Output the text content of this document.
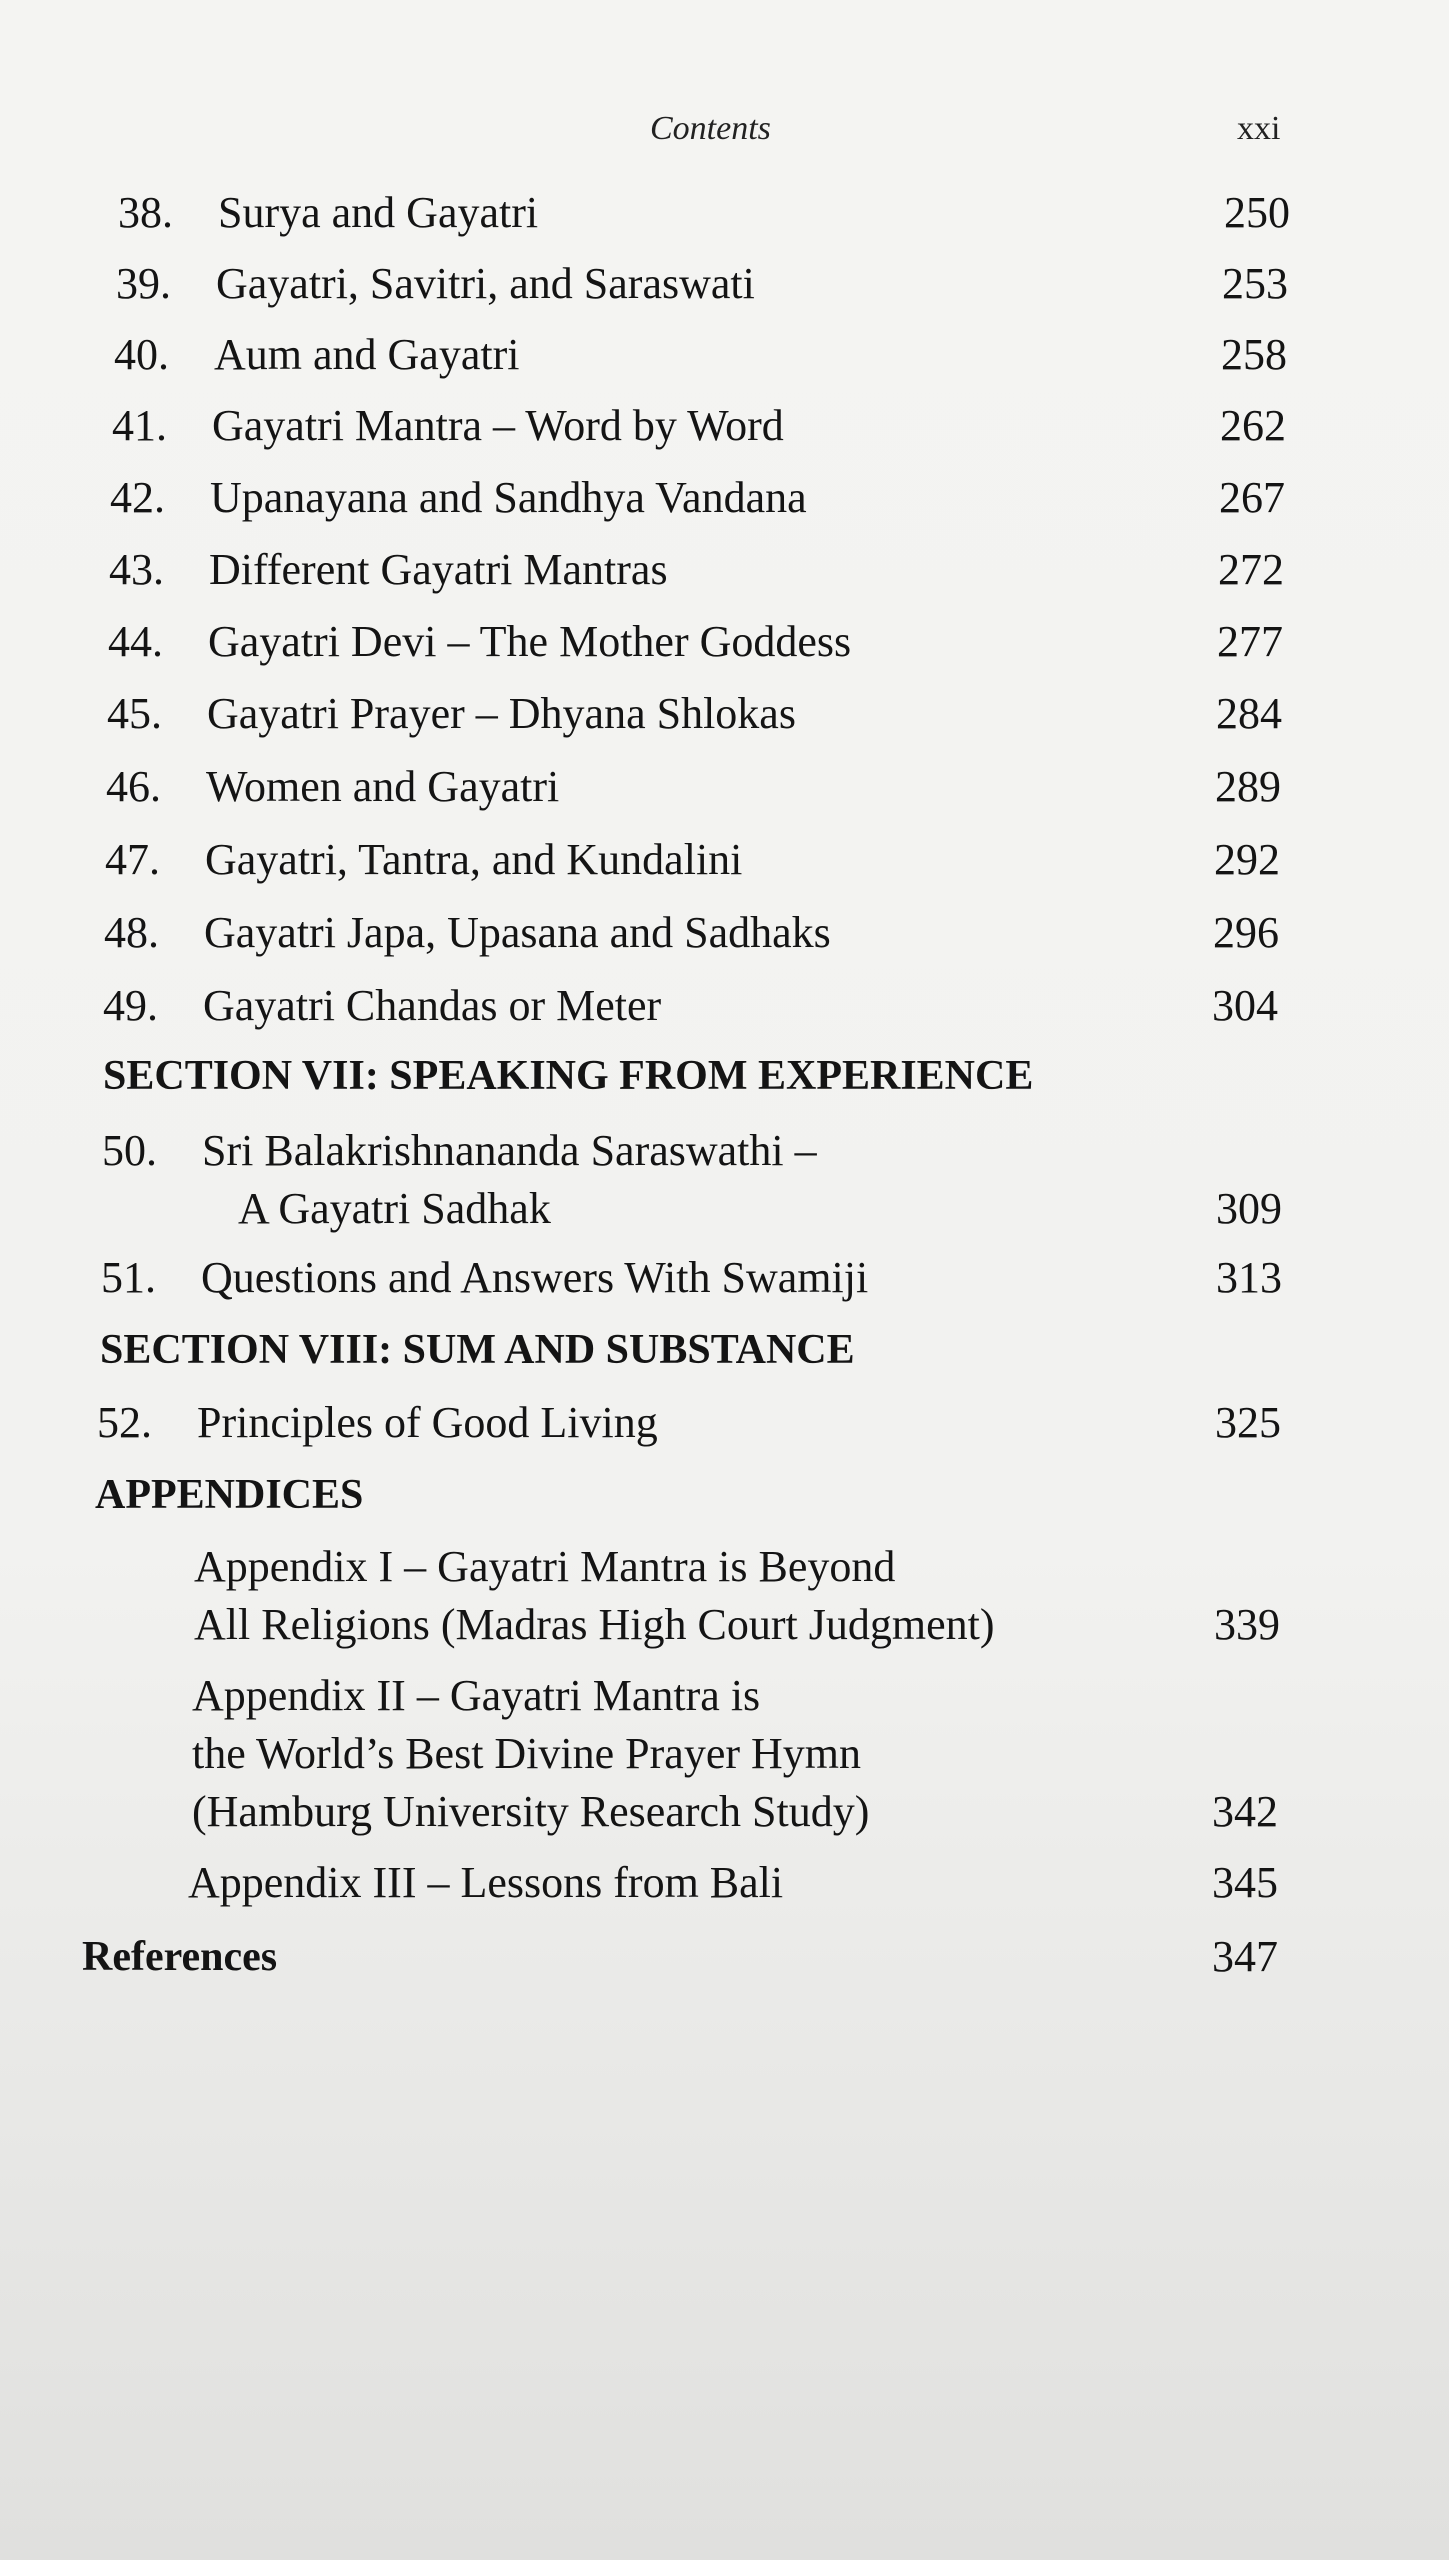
Contents	xxi
38. Surya and Gayatri	250
39. Gayatri, Savitri, and Saraswati	253
40. Aum and Gayatri	258
41. Gayatri Mantra – Word by Word	262
42. Upanayana and Sandhya Vandana	267
43. Different Gayatri Mantras	272
44. Gayatri Devi – The Mother Goddess	277
45. Gayatri Prayer – Dhyana Shlokas	284
46. Women and Gayatri	289
47. Gayatri, Tantra, and Kundalini	292
48. Gayatri Japa, Upasana and Sadhaks	296
49. Gayatri Chandas or Meter	304
SECTION VII: SPEAKING FROM EXPERIENCE
50. Sri Balakrishnananda Saraswathi –
A Gayatri Sadhak	309
51. Questions and Answers With Swamiji	313
SECTION VIII: SUM AND SUBSTANCE
52. Principles of Good Living	325
APPENDICES
Appendix I – Gayatri Mantra is Beyond
All Religions (Madras High Court Judgment)	339
Appendix II – Gayatri Mantra is
the World’s Best Divine Prayer Hymn
(Hamburg University Research Study)	342
Appendix III – Lessons from Bali	345
References	347
